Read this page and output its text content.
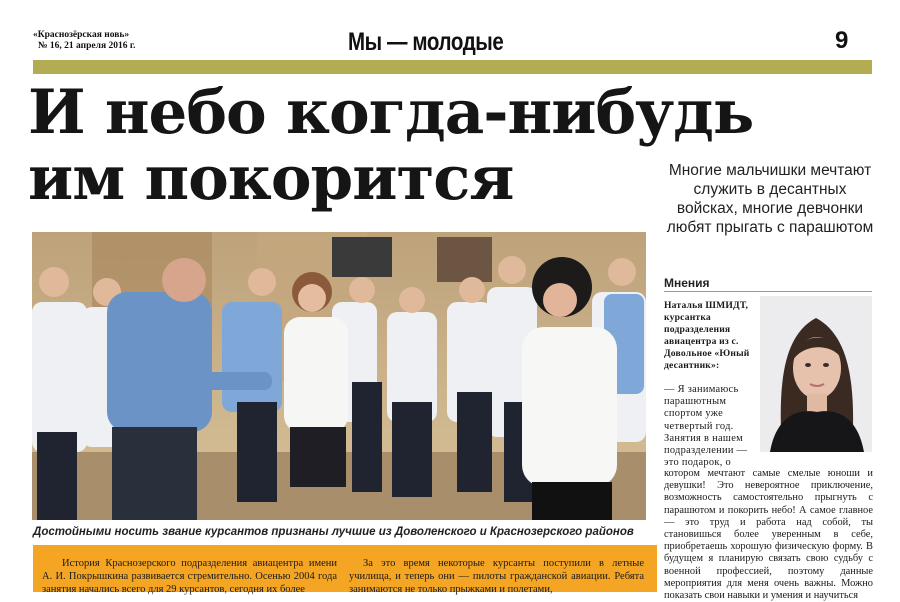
«Краснозёрская новь»
№ 16, 21 апреля 2016 г.	Мы — молодые	9
И небо когда-нибудь
им покорится	Многие мальчишки мечтают служить в десантных войсках, многие девчонки любят прыгать с парашютом
Достойными носить звание курсантов признаны лучшие из Доволенского и Краснозерского районов
Мнения
Наталья ШМИДТ, курсантка подразделения авиацентра из с. Довольное «Юный десантник»:
— Я занимаюсь парашютным спортом уже четвертый год. Занятия в нашем подразделении — это подарок, о
котором мечтают самые смелые юноши и девушки! Это невероятное приключение, возможность самостоятельно прыгнуть с парашютом и покорить небо! А самое главное — это труд и работа над собой, ты становишься более уверенным в себе, приобретаешь хорошую физическую форму. В будущем я планирую связать свою судьбу с военной профессией, поэтому данные мероприятия для меня очень важны. Можно показать свои навыки и умения и научиться
История Краснозерского подразделения авиацентра имени А. И. Покрышкина развивается стремительно. Осенью 2004 года занятия начались всего для 29 курсантов, сегодня их более
За это время некоторые курсанты поступили в летные училища, и теперь они — пилоты гражданской авиации. Ребята занимаются не только прыжками и полетами,
